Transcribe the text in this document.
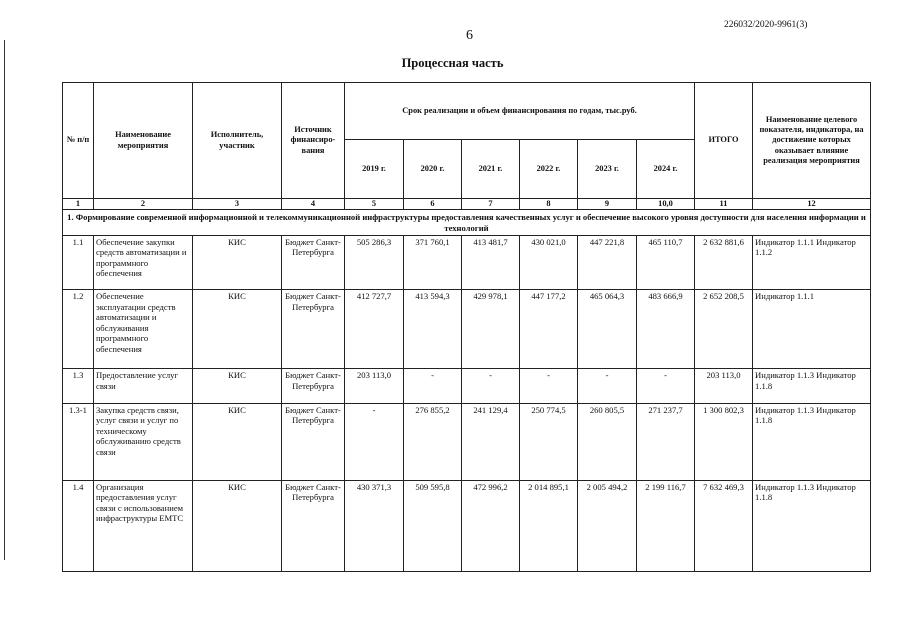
6
226032/2020-9961(3)
Процессная часть
№ п/п	Наименование мероприятия	Исполнитель, участник	Источник финансиро-вания	Срок реализации и объем финансирования по годам, тыс.руб.						ИТОГО	Наименование целевого показателя, индикатора, на достижение которых оказывает влияние реализация мероприятия
				2019 г.	2020 г.	2021 г.	2022 г.	2023 г.	2024 г.		
1	2	3	4	5	6	7	8	9	10,0	11	12
1. Формирование современной информационной и телекоммуникационной инфраструктуры предоставления качественных услуг и обеспечение высокого уровня доступности для населения информации и технологий											
1.1	Обеспечение закупки средств автоматизации и программного обеспечения	КИС	Бюджет Санкт-Петербурга	505 286,3	371 760,1	413 481,7	430 021,0	447 221,8	465 110,7	2 632 881,6	Индикатор 1.1.1 Индикатор 1.1.2
1.2	Обеспечение эксплуатации средств автоматизации и обслуживания программного обеспечения	КИС	Бюджет Санкт-Петербурга	412 727,7	413 594,3	429 978,1	447 177,2	465 064,3	483 666,9	2 652 208,5	Индикатор 1.1.1
1.3	Предоставление услуг связи	КИС	Бюджет Санкт-Петербурга	203 113,0	-	-	-	-	-	203 113,0	Индикатор 1.1.3 Индикатор 1.1.8
1.3-1	Закупка средств связи, услуг связи и услуг по техническому обслуживанию средств связи	КИС	Бюджет Санкт-Петербурга	-	276 855,2	241 129,4	250 774,5	260 805,5	271 237,7	1 300 802,3	Индикатор 1.1.3 Индикатор 1.1.8
1.4	Организация предоставления услуг связи с использованием инфраструктуры ЕМТС	КИС	Бюджет Санкт-Петербурга	430 371,3	509 595,8	472 996,2	2 014 895,1	2 005 494,2	2 199 116,7	7 632 469,3	Индикатор 1.1.3 Индикатор 1.1.8
